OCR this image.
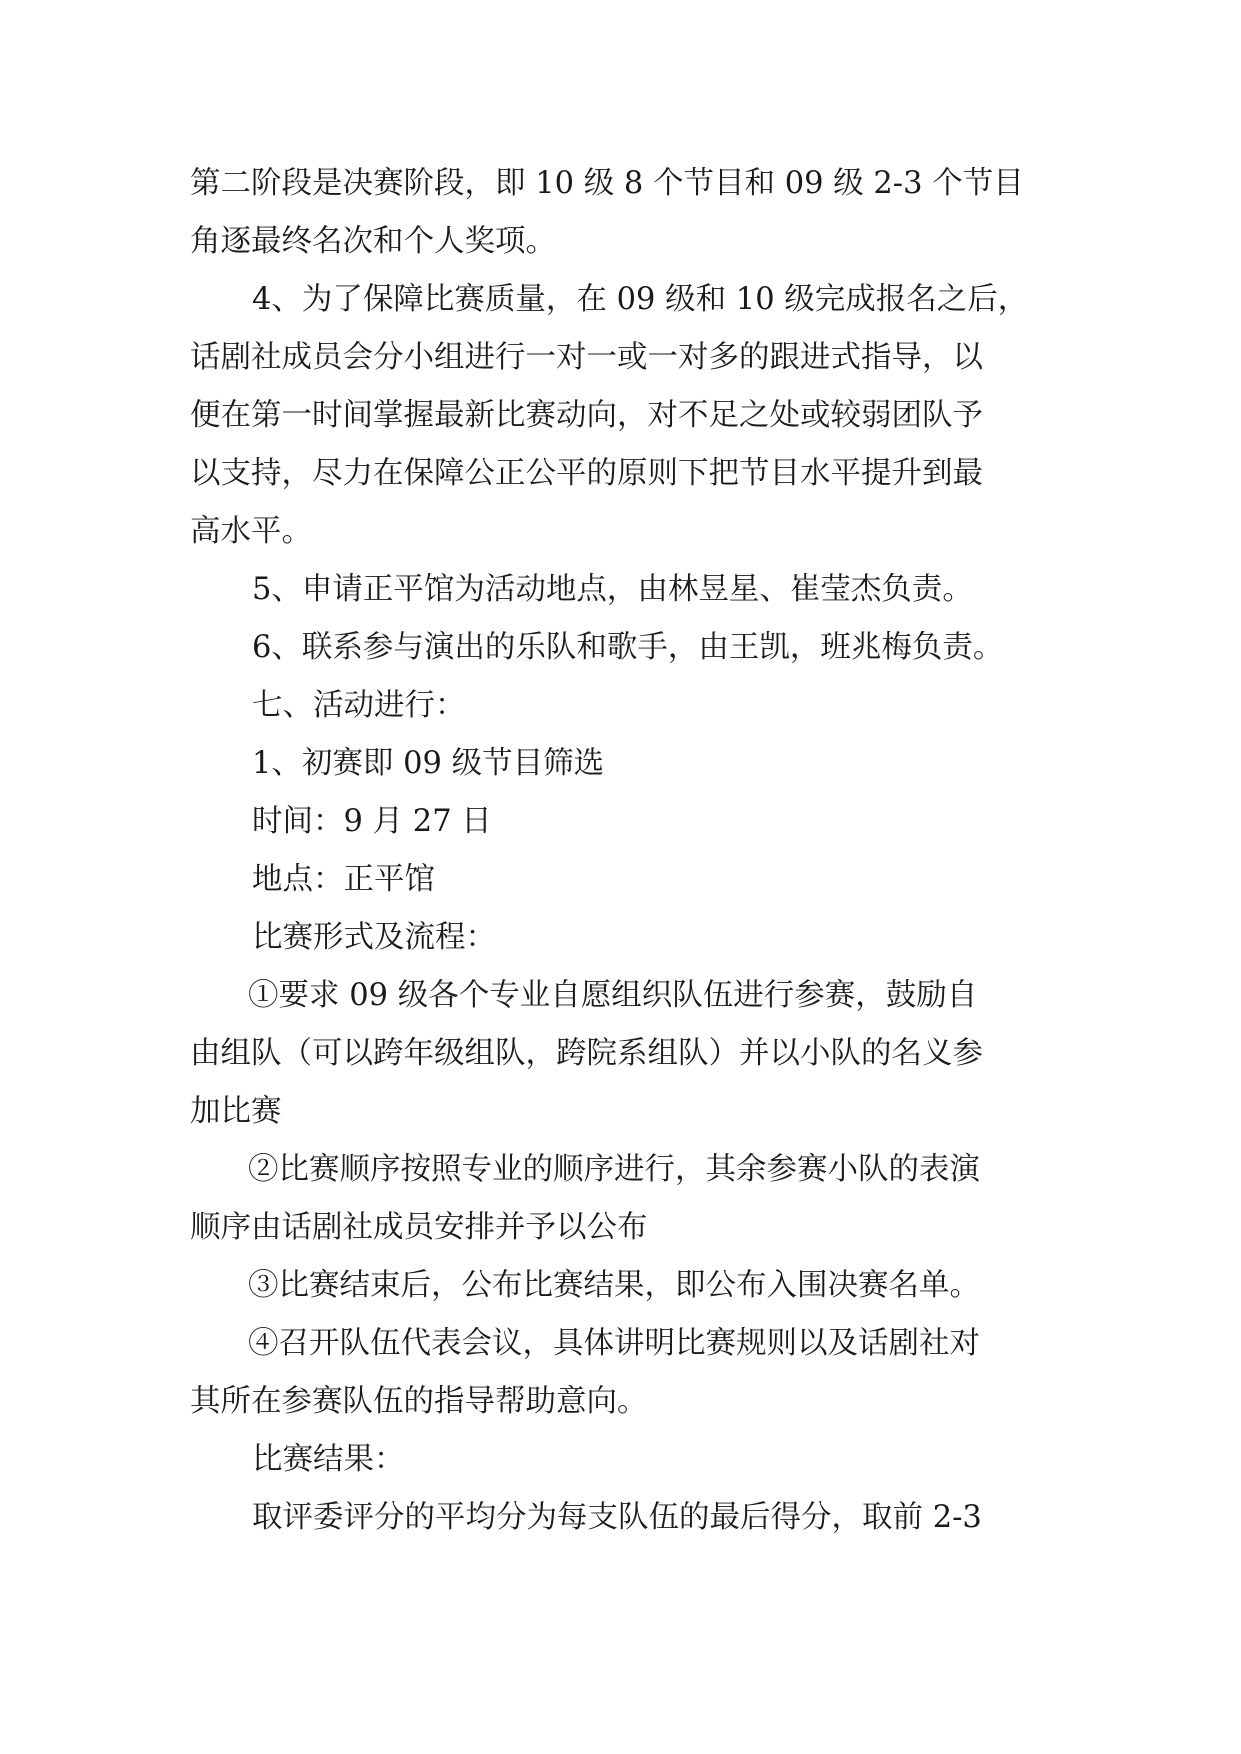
第二阶段是决赛阶段，即 10 级 8 个节目和 09 级 2-3 个节目
角逐最终名次和个人奖项。
4、为了保障比赛质量，在 09 级和 10 级完成报名之后，
话剧社成员会分小组进行一对一或一对多的跟进式指导，以
便在第一时间掌握最新比赛动向，对不足之处或较弱团队予
以支持，尽力在保障公正公平的原则下把节目水平提升到最
高水平。
5、申请正平馆为活动地点，由林昱星、崔莹杰负责。
6、联系参与演出的乐队和歌手，由王凯，班兆梅负责。
七、活动进行：
1、初赛即 09 级节目筛选
时间：9 月 27 日
地点：正平馆
比赛形式及流程：
①要求 09 级各个专业自愿组织队伍进行参赛，鼓励自
由组队（可以跨年级组队，跨院系组队）并以小队的名义参
加比赛
②比赛顺序按照专业的顺序进行，其余参赛小队的表演
顺序由话剧社成员安排并予以公布
③比赛结束后，公布比赛结果，即公布入围决赛名单。
④召开队伍代表会议，具体讲明比赛规则以及话剧社对
其所在参赛队伍的指导帮助意向。
比赛结果：
取评委评分的平均分为每支队伍的最后得分，取前 2-3
